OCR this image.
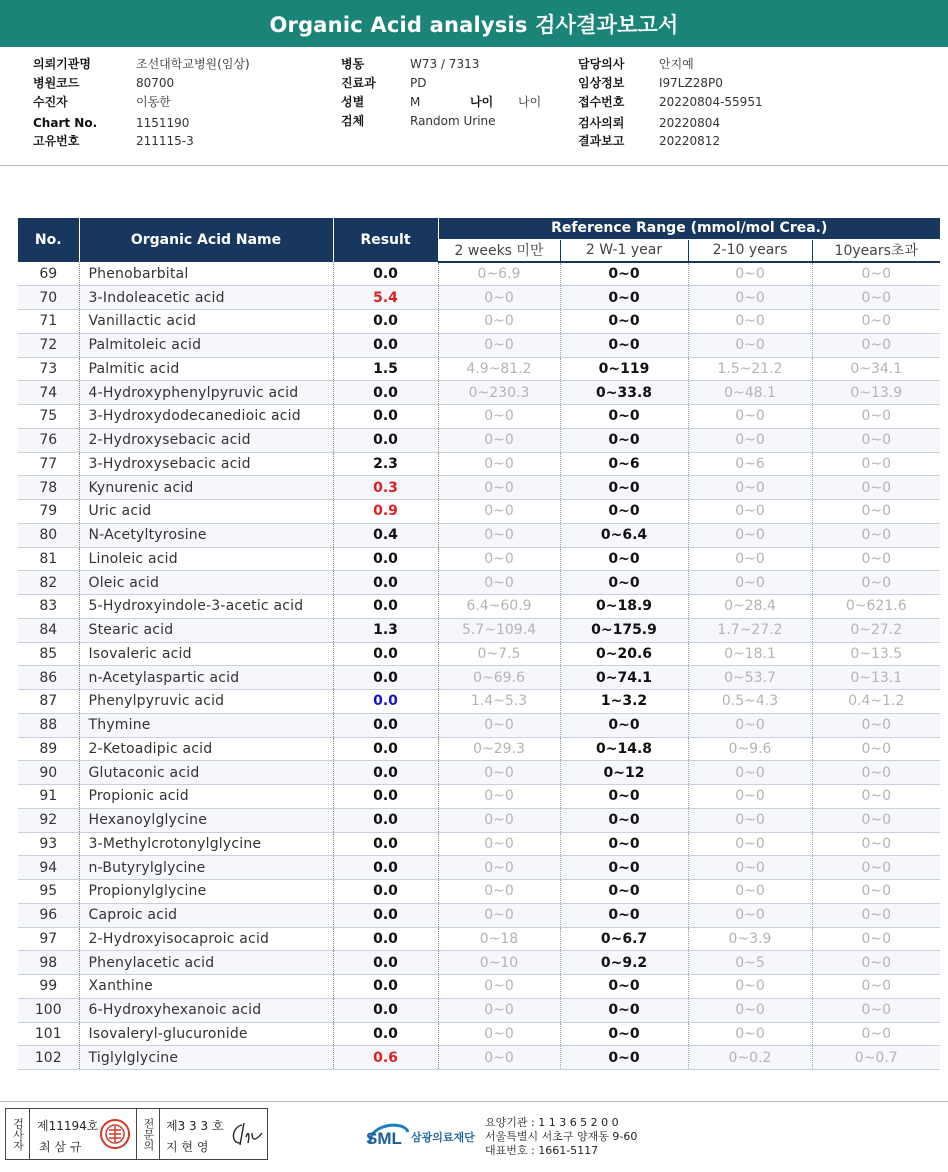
Organic Acid analysis 검사결과보고서
의뢰기관명	조선대학교병원(임상)
병원코드	80700
수진자	이동한
Chart No.	1151190
고유번호	211115-3
병동	W73 / 7313
진료과	PD
성별	M	나이 나이
검체	Random Urine
담당의사	안지예
임상정보	I97LZ28P0
접수번호	20220804-55951
검사의뢰	20220804
결과보고	20220812
No.	Organic Acid Name	Result	Reference Range (mmol/mol Crea.)			
			2 weeks 미만	2 W-1 year	2-10 years	10years초과
69	Phenobarbital	0.0	0~6.9	0~0	0~0	0~0
70	3-Indoleacetic acid	5.4	0~0	0~0	0~0	0~0
71	Vanillactic acid	0.0	0~0	0~0	0~0	0~0
72	Palmitoleic acid	0.0	0~0	0~0	0~0	0~0
73	Palmitic acid	1.5	4.9~81.2	0~119	1.5~21.2	0~34.1
74	4-Hydroxyphenylpyruvic acid	0.0	0~230.3	0~33.8	0~48.1	0~13.9
75	3-Hydroxydodecanedioic acid	0.0	0~0	0~0	0~0	0~0
76	2-Hydroxysebacic acid	0.0	0~0	0~0	0~0	0~0
77	3-Hydroxysebacic acid	2.3	0~0	0~6	0~6	0~0
78	Kynurenic acid	0.3	0~0	0~0	0~0	0~0
79	Uric acid	0.9	0~0	0~0	0~0	0~0
80	N-Acetyltyrosine	0.4	0~0	0~6.4	0~0	0~0
81	Linoleic acid	0.0	0~0	0~0	0~0	0~0
82	Oleic acid	0.0	0~0	0~0	0~0	0~0
83	5-Hydroxyindole-3-acetic acid	0.0	6.4~60.9	0~18.9	0~28.4	0~621.6
84	Stearic acid	1.3	5.7~109.4	0~175.9	1.7~27.2	0~27.2
85	Isovaleric acid	0.0	0~7.5	0~20.6	0~18.1	0~13.5
86	n-Acetylaspartic acid	0.0	0~69.6	0~74.1	0~53.7	0~13.1
87	Phenylpyruvic acid	0.0	1.4~5.3	1~3.2	0.5~4.3	0.4~1.2
88	Thymine	0.0	0~0	0~0	0~0	0~0
89	2-Ketoadipic acid	0.0	0~29.3	0~14.8	0~9.6	0~0
90	Glutaconic acid	0.0	0~0	0~12	0~0	0~0
91	Propionic acid	0.0	0~0	0~0	0~0	0~0
92	Hexanoylglycine	0.0	0~0	0~0	0~0	0~0
93	3-Methylcrotonylglycine	0.0	0~0	0~0	0~0	0~0
94	n-Butyrylglycine	0.0	0~0	0~0	0~0	0~0
95	Propionylglycine	0.0	0~0	0~0	0~0	0~0
96	Caproic acid	0.0	0~0	0~0	0~0	0~0
97	2-Hydroxyisocaproic acid	0.0	0~18	0~6.7	0~3.9	0~0
98	Phenylacetic acid	0.0	0~10	0~9.2	0~5	0~0
99	Xanthine	0.0	0~0	0~0	0~0	0~0
100	6-Hydroxyhexanoic acid	0.0	0~0	0~0	0~0	0~0
101	Isovaleryl-glucuronide	0.0	0~0	0~0	0~0	0~0
102	Tiglylglycine	0.6	0~0	0~0	0~0.2	0~0.7
검사자	제11194호
최 삼 규	전문의 제3 3 3 호
지 현 영	SML 삼광의료재단
요양기관 : 1 1 3 6 5 2 0 0
서울특별시 서초구 양재동 9-60
대표번호 : 1661-5117
